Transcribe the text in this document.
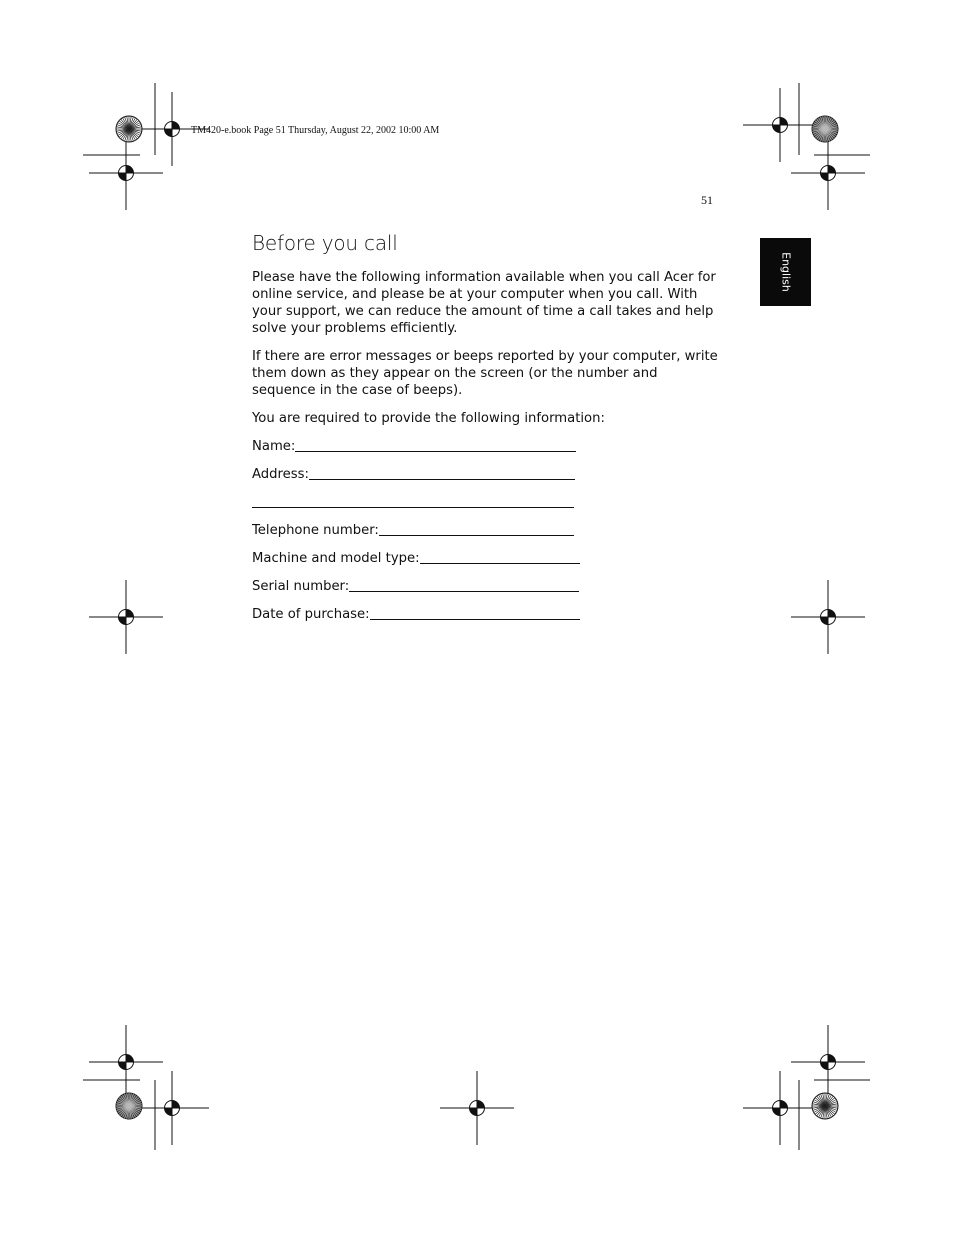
TM420-e.book Page 51 Thursday, August 22, 2002 10:00 AM
51
English
Before you call

Please have the following information available when you call Acer for online service, and please be at your computer when you call. With your support, we can reduce the amount of time a call takes and help solve your problems efficiently.

If there are error messages or beeps reported by your computer, write them down as they appear on the screen (or the number and sequence in the case of beeps).

You are required to provide the following information:

Name:
Address:
Telephone number:
Machine and model type:
Serial number:
Date of purchase:
